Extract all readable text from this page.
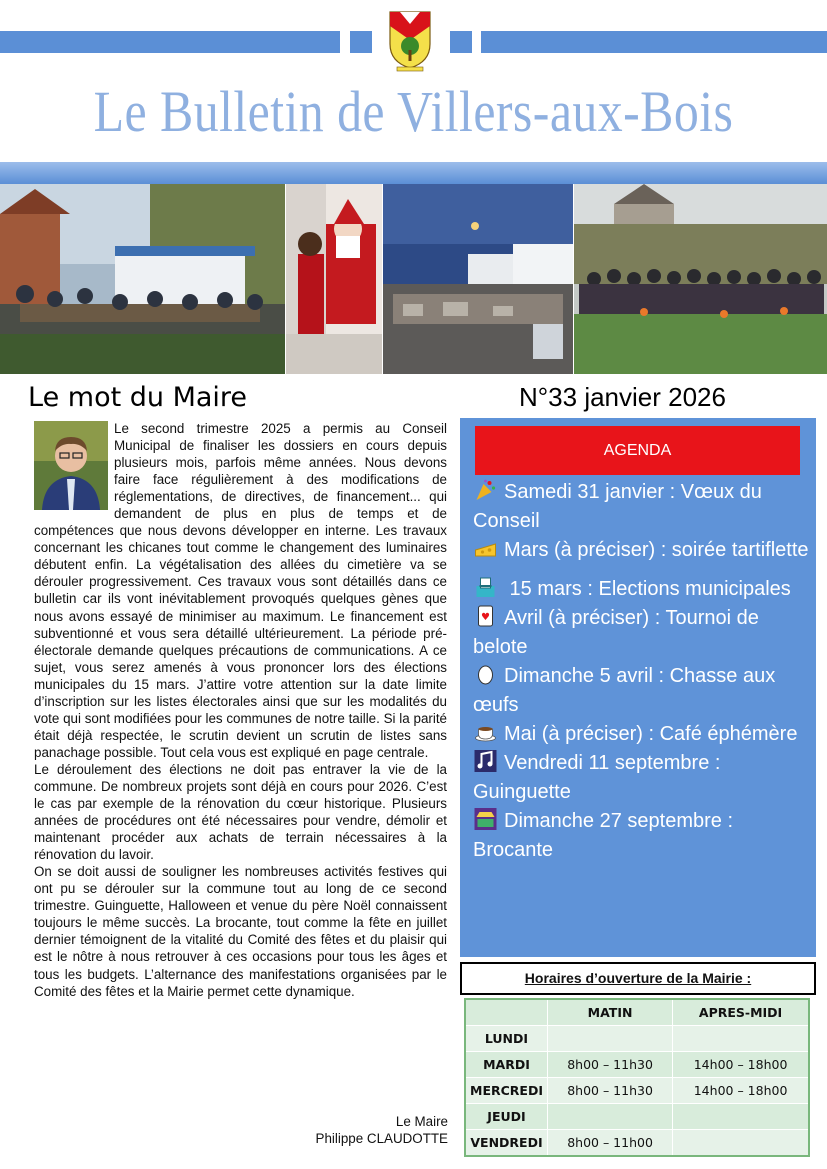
Le Bulletin de Villers-aux-Bois
Le mot du Maire	N°33 janvier 2026

Le second trimestre 2025 a permis au Conseil Municipal de finaliser les dossiers en cours depuis plusieurs mois, parfois même années. Nous devons faire face régulièrement à des modifications de réglementations, de directives, de financement... qui demandent de plus en plus de temps et de compétences que nous devons développer en interne. Les travaux concernant les chicanes tout comme le changement des luminaires débutent enfin. La végétalisation des allées du cimetière va se dérouler progressivement. Ces travaux vous sont détaillés dans ce bulletin car ils vont inévitablement provoqués quelques gènes que nous avons essayé de minimiser au maximum. Le financement est subventionné et vous sera détaillé ultérieurement. La période pré-électorale demande quelques précautions de communications. A ce sujet, vous serez amenés à vous prononcer lors des élections municipales du 15 mars. J’attire votre attention sur la date limite d’inscription sur les listes électorales ainsi que sur les modalités du vote qui sont modifiées pour les communes de notre taille. Si la parité était déjà respectée, le scrutin devient un scrutin de listes sans panachage possible. Tout cela vous est expliqué en page centrale.

Le déroulement des élections ne doit pas entraver la vie de la commune. De nombreux projets sont déjà en cours pour 2026. C’est le cas par exemple de la rénovation du cœur historique. Plusieurs années de procédures ont été nécessaires pour vendre, démolir et maintenant procéder aux achats de terrain nécessaires à la rénovation du lavoir.

On se doit aussi de souligner les nombreuses activités festives qui ont pu se dérouler sur la commune tout au long de ce second trimestre. Guinguette, Halloween et venue du père Noël connaissent toujours le même succès. La brocante, tout comme la fête en juillet dernier témoignent de la vitalité du Comité des fêtes et du plaisir qui est le nôtre à nous retrouver à ces occasions pour tous les âges et tous les budgets. L’alternance des manifestations organisées par le Comité des fêtes et la Mairie permet cette dynamique.

Le Maire
Philippe CLAUDOTTE
AGENDA
Samedi 31 janvier : Vœux du Conseil
Mars (à préciser) : soirée tartiflette
15 mars : Elections municipales
♥ Avril (à préciser) : Tournoi de belote
Dimanche 5 avril : Chasse aux œufs
Mai (à préciser) : Café éphémère
Vendredi 11 septembre : Guinguette
Dimanche 27 septembre : Brocante
Horaires d’ouverture de la Mairie :
	MATIN	APRES-MIDI
LUNDI		
MARDI	8h00 – 11h30	14h00 – 18h00
MERCREDI	8h00 – 11h30	14h00 – 18h00
JEUDI		
VENDREDI	8h00 – 11h00	
